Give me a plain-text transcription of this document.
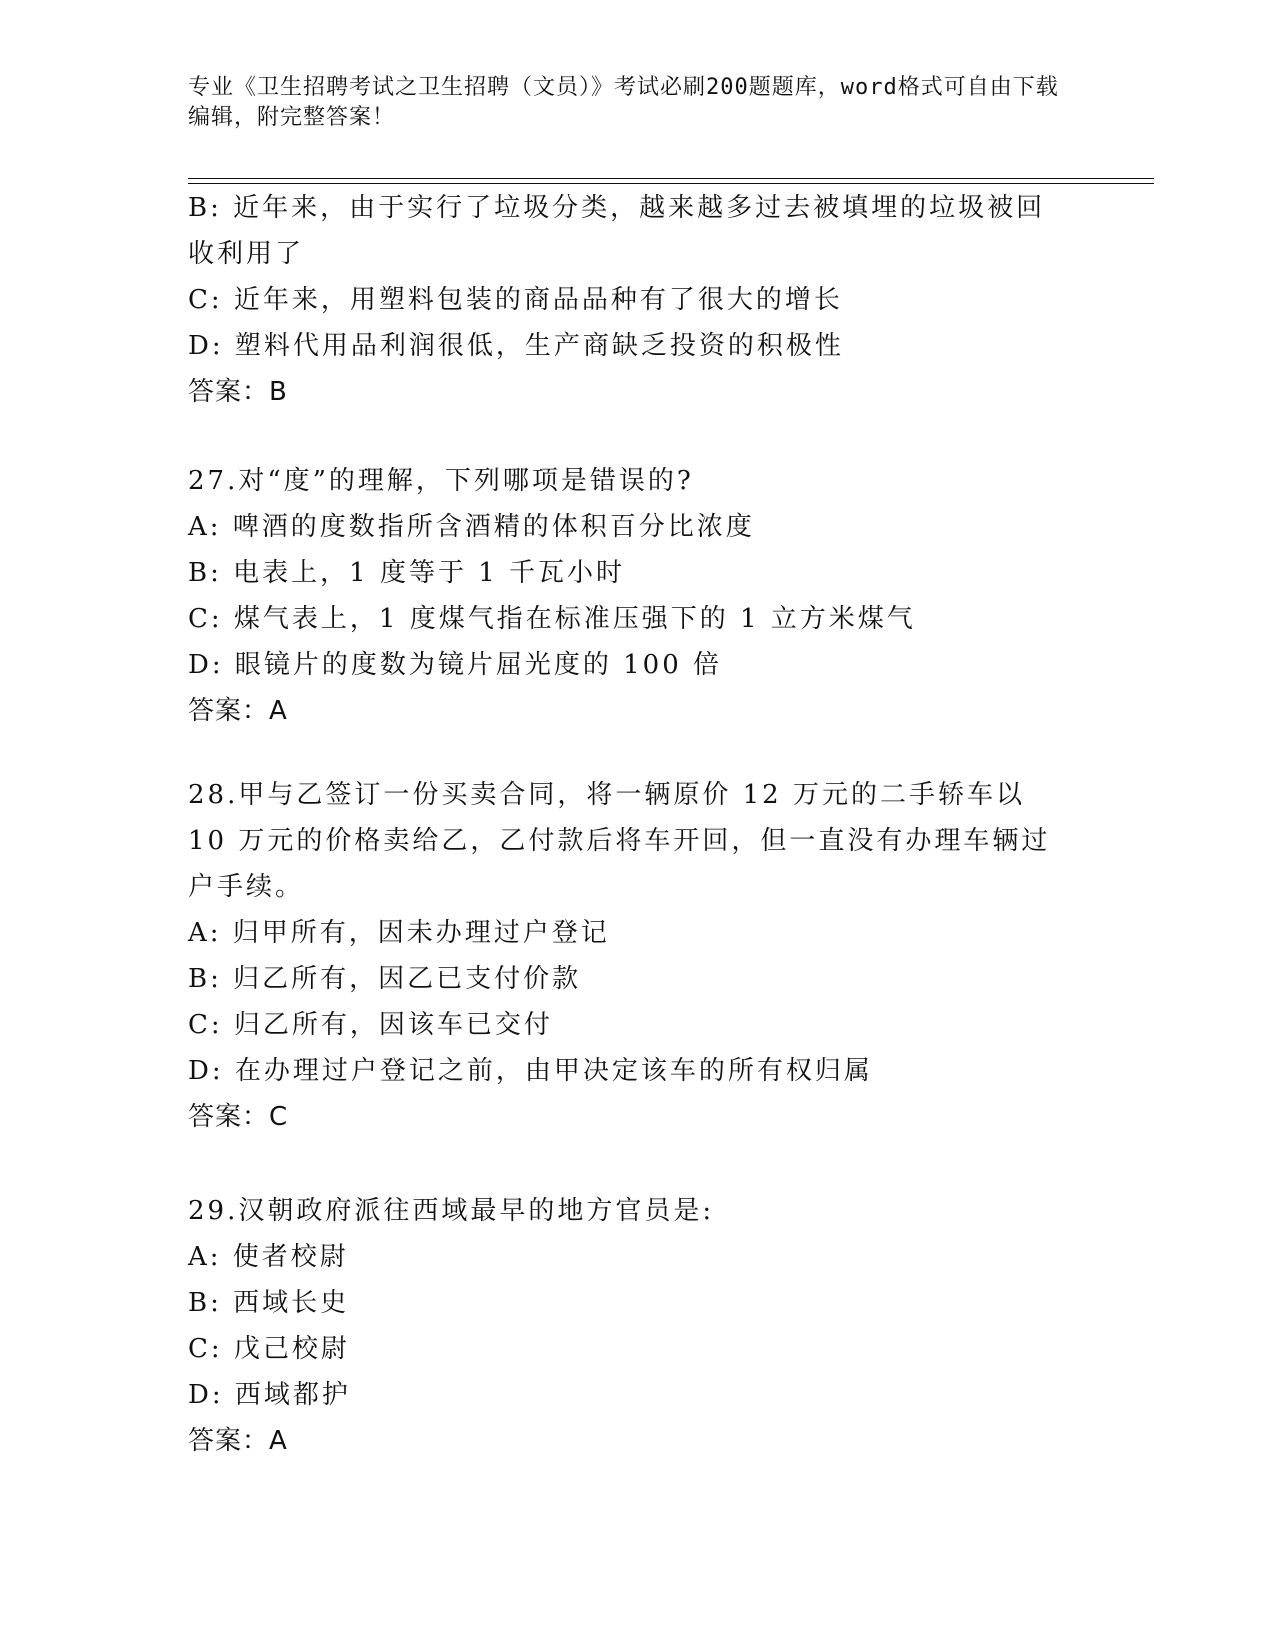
专业《卫生招聘考试之卫生招聘（文员）》考试必刷200题题库，word格式可自由下载编辑，附完整答案！
B: 近年来，由于实行了垃圾分类，越来越多过去被填埋的垃圾被回收利用了
C: 近年来，用塑料包装的商品品种有了很大的增长
D: 塑料代用品利润很低，生产商缺乏投资的积极性
答案：B
27.对“度”的理解，下列哪项是错误的?
A: 啤酒的度数指所含酒精的体积百分比浓度
B: 电表上，1 度等于 1 千瓦小时
C: 煤气表上，1 度煤气指在标准压强下的 1 立方米煤气
D: 眼镜片的度数为镜片屈光度的 100 倍
答案：A
28.甲与乙签订一份买卖合同，将一辆原价 12 万元的二手轿车以 10 万元的价格卖给乙，乙付款后将车开回，但一直没有办理车辆过户手续。
A: 归甲所有，因未办理过户登记
B: 归乙所有，因乙已支付价款
C: 归乙所有，因该车已交付
D: 在办理过户登记之前，由甲决定该车的所有权归属
答案：C
29.汉朝政府派往西域最早的地方官员是:
A: 使者校尉
B: 西域长史
C: 戊己校尉
D: 西域都护
答案：A
